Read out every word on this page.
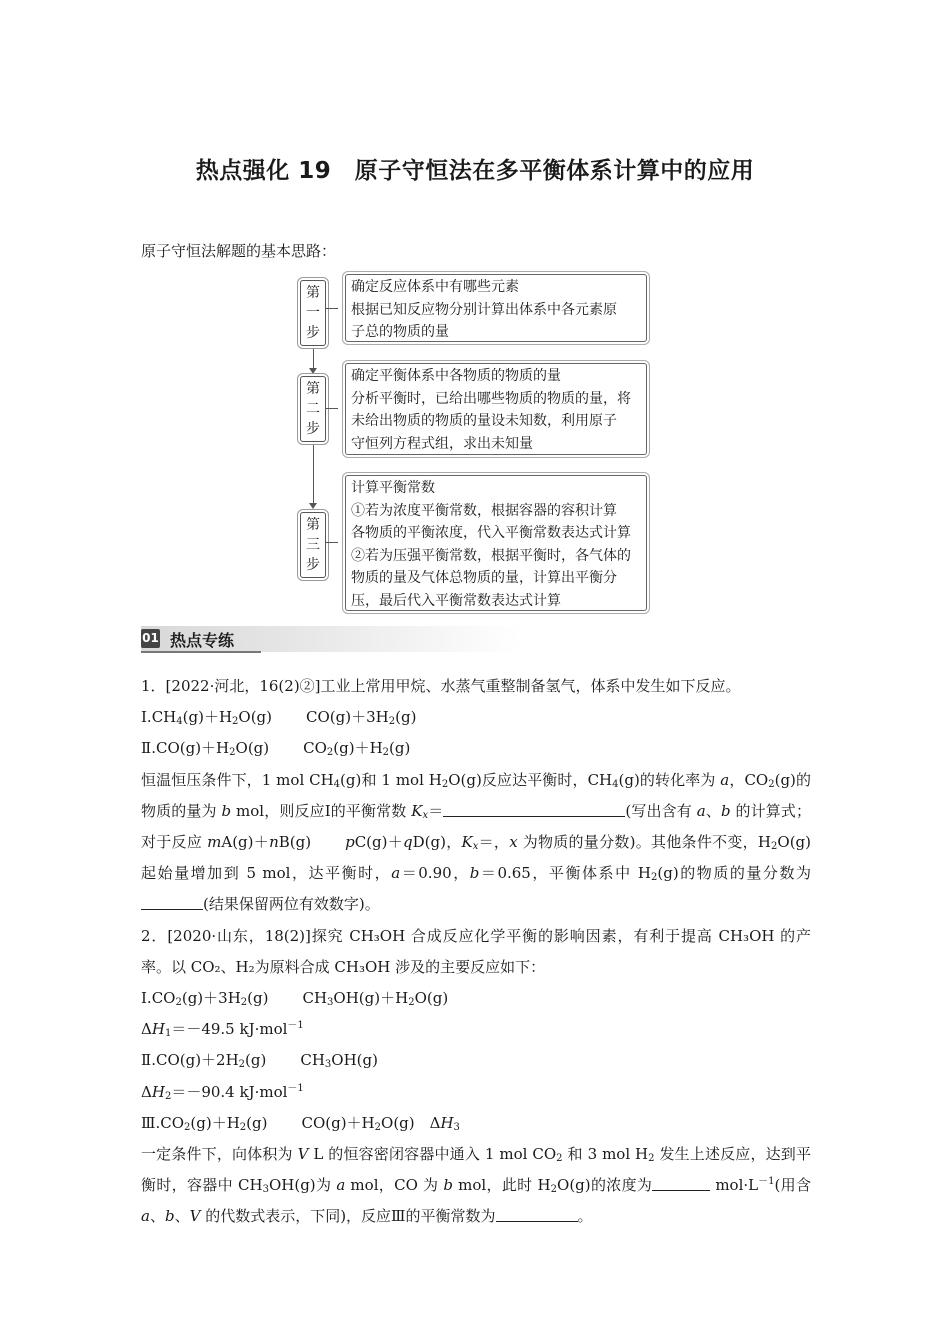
热点强化 19　原子守恒法在多平衡体系计算中的应用
原子守恒法解题的基本思路：
第
一
步
确定反应体系中有哪些元素
根据已知反应物分别计算出体系中各元素原
子总的物质的量
第
二
步
确定平衡体系中各物质的物质的量
分析平衡时，已给出哪些物质的物质的量，将
未给出物质的物质的量设未知数，利用原子
守恒列方程式组，求出未知量
第
三
步
计算平衡常数
①若为浓度平衡常数，根据容器的容积计算
各物质的平衡浓度，代入平衡常数表达式计算
②若为压强平衡常数，根据平衡时，各气体的
物质的量及气体总物质的量，计算出平衡分
压，最后代入平衡常数表达式计算
01 热点专练

1．[2022·河北，16(2)②]工业上常用甲烷、水蒸气重整制备氢气，体系中发生如下反应。

$Ⅰ.CH_4(g)+H_2O(g)$ $CO(g)+3H_2(g)$

$Ⅱ.CO(g)+H_2O(g)$ $CO_2(g)+H_2(g)$

恒温恒压条件下，1 mol $CH_4(g)$和 1 mol $H_2O(g)$反应达平衡时，$CH_4(g)$的转化率为 a，$CO_2(g)$的物质的量为 b mol，则反应Ⅰ的平衡常数 $K_x=$	(写出含有 a、b 的计算式；对于反应 mA(g)＋nB(g) pC(g)＋qD(g)，$K_x=$，x 为物质的量分数)。其他条件不变，$H_2O(g)$起始量增加到 5 mol，达平衡时，a＝0.90，b＝0.65，平衡体系中 $H_2(g)$的物质的量分数为(结果保留两位有效数字)。

2．[2020·山东，18(2)]探究 CH₃OH 合成反应化学平衡的影响因素，有利于提高 CH₃OH 的产率。以 CO₂、H₂为原料合成 CH₃OH 涉及的主要反应如下：

$Ⅰ.CO_2(g)+3H_2(g)$ $CH_3OH(g)+H_2O(g)$

$\Delta H_1=-49.5$ kJ·mol$^{-1}$

$Ⅱ.CO(g)+2H_2(g)$ $CH_3OH(g)$

$\Delta H_2=-90.4$ kJ·mol$^{-1}$

$Ⅲ.CO_2(g)+H_2(g)$ $CO(g)+H_2O(g)$　$\Delta H_3$

一定条件下，向体积为 V L 的恒容密闭容器中通入 1 mol $CO_2$ 和 3 mol $H_2$ 发生上述反应，达到平衡时，容器中 $CH_3OH(g)$为 a mol，CO 为 b mol，此时 $H_2O(g)$的浓度为	$mol\cdot L^{-1}$(用含 a、b、V 的代数式表示，下同)，反应Ⅲ的平衡常数为	。
